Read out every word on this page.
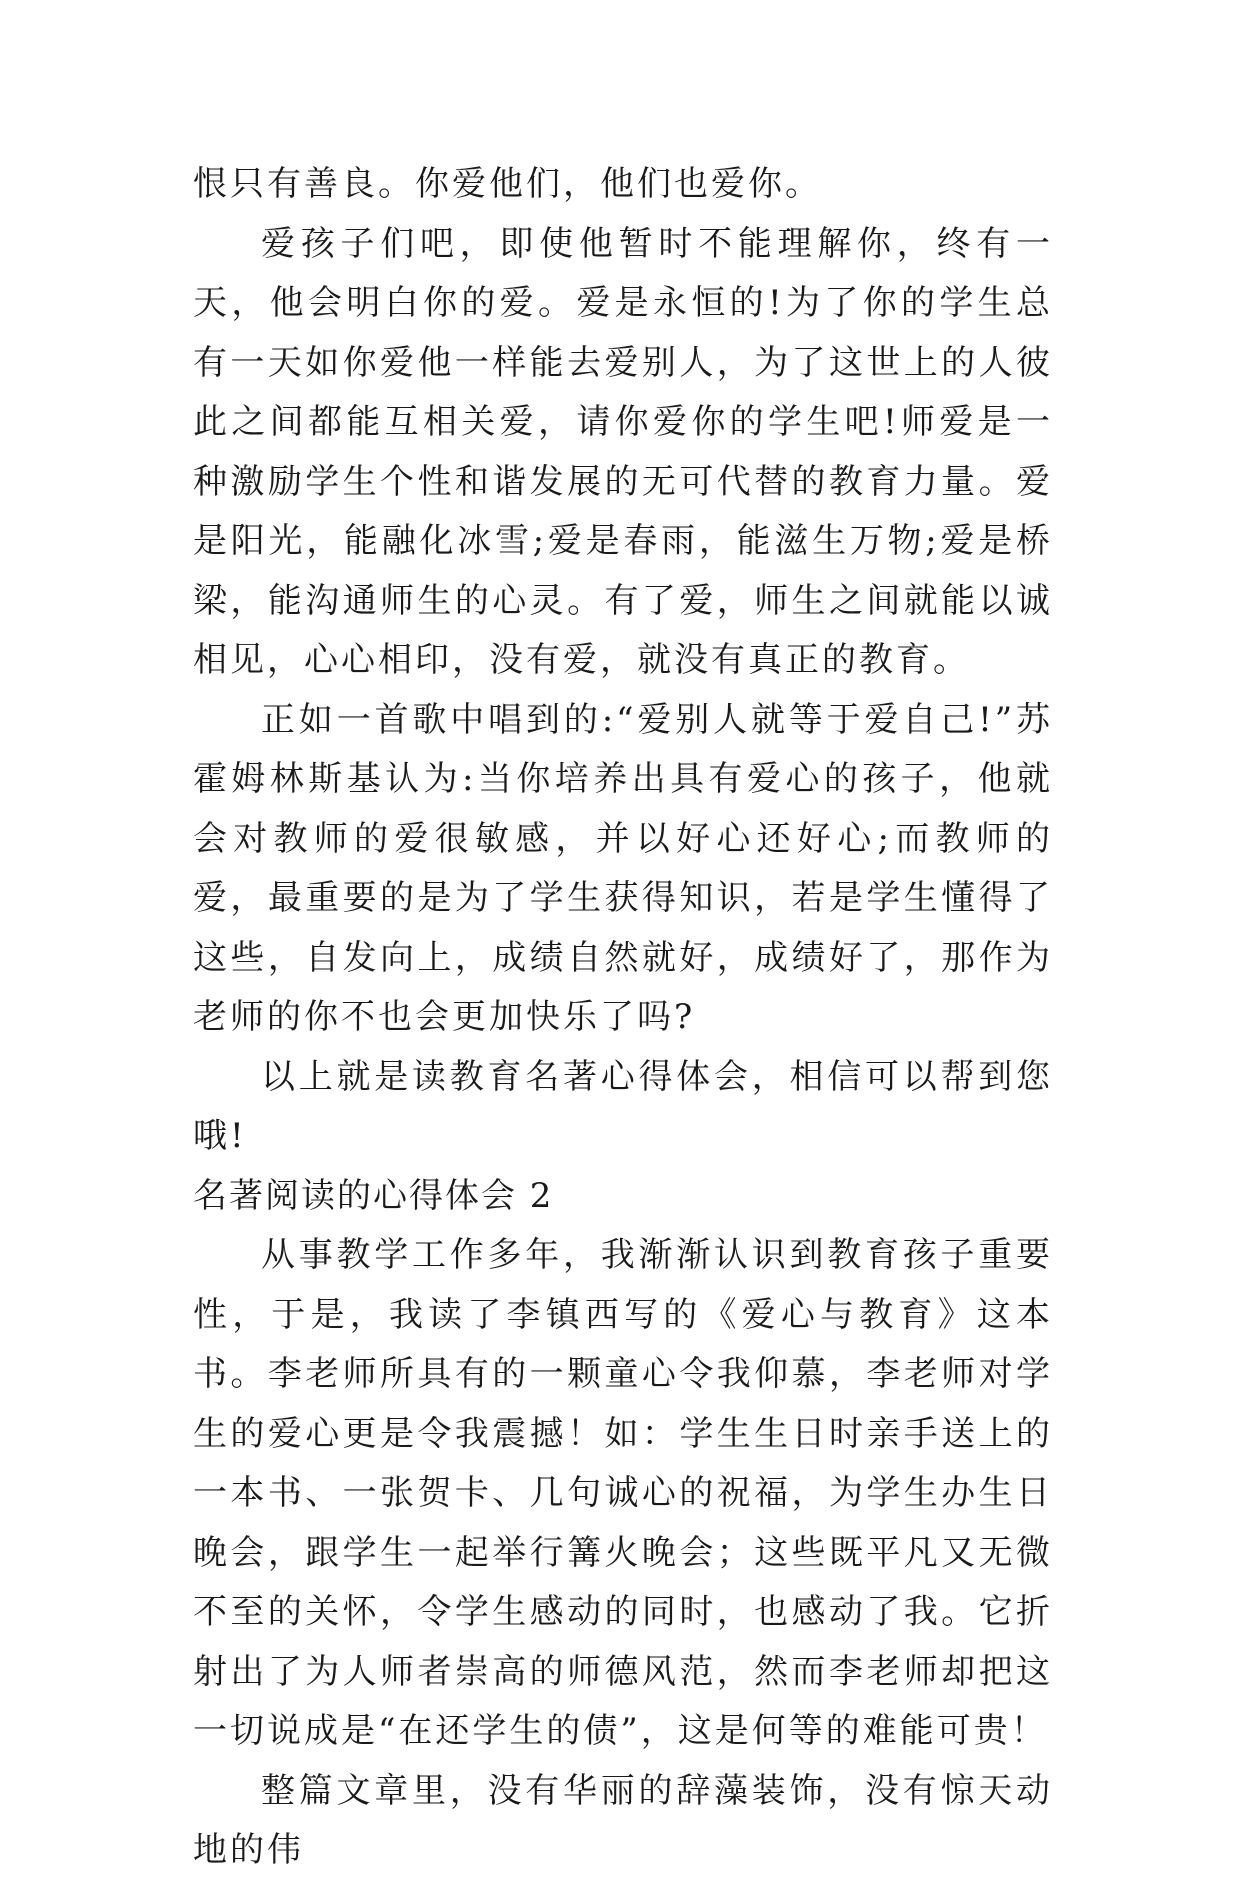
恨只有善良。你爱他们，他们也爱你。

爱孩子们吧，即使他暂时不能理解你，终有一天，他会明白你的爱。爱是永恒的!为了你的学生总有一天如你爱他一样能去爱别人，为了这世上的人彼此之间都能互相关爱，请你爱你的学生吧!师爱是一种激励学生个性和谐发展的无可代替的教育力量。爱是阳光，能融化冰雪;爱是春雨，能滋生万物;爱是桥梁，能沟通师生的心灵。有了爱，师生之间就能以诚相见，心心相印，没有爱，就没有真正的教育。

正如一首歌中唱到的:“爱别人就等于爱自己!”苏霍姆林斯基认为:当你培养出具有爱心的孩子，他就会对教师的爱很敏感，并以好心还好心;而教师的爱，最重要的是为了学生获得知识，若是学生懂得了这些，自发向上，成绩自然就好，成绩好了，那作为老师的你不也会更加快乐了吗?

以上就是读教育名著心得体会，相信可以帮到您哦!

名著阅读的心得体会 2

从事教学工作多年，我渐渐认识到教育孩子重要性，于是，我读了李镇西写的《爱心与教育》这本书。李老师所具有的一颗童心令我仰慕，李老师对学生的爱心更是令我震撼！如：学生生日时亲手送上的一本书、一张贺卡、几句诚心的祝福，为学生办生日晚会，跟学生一起举行篝火晚会；这些既平凡又无微不至的关怀，令学生感动的同时，也感动了我。它折射出了为人师者崇高的师德风范，然而李老师却把这一切说成是“在还学生的债”，这是何等的难能可贵！

整篇文章里，没有华丽的辞藻装饰，没有惊天动地的伟
